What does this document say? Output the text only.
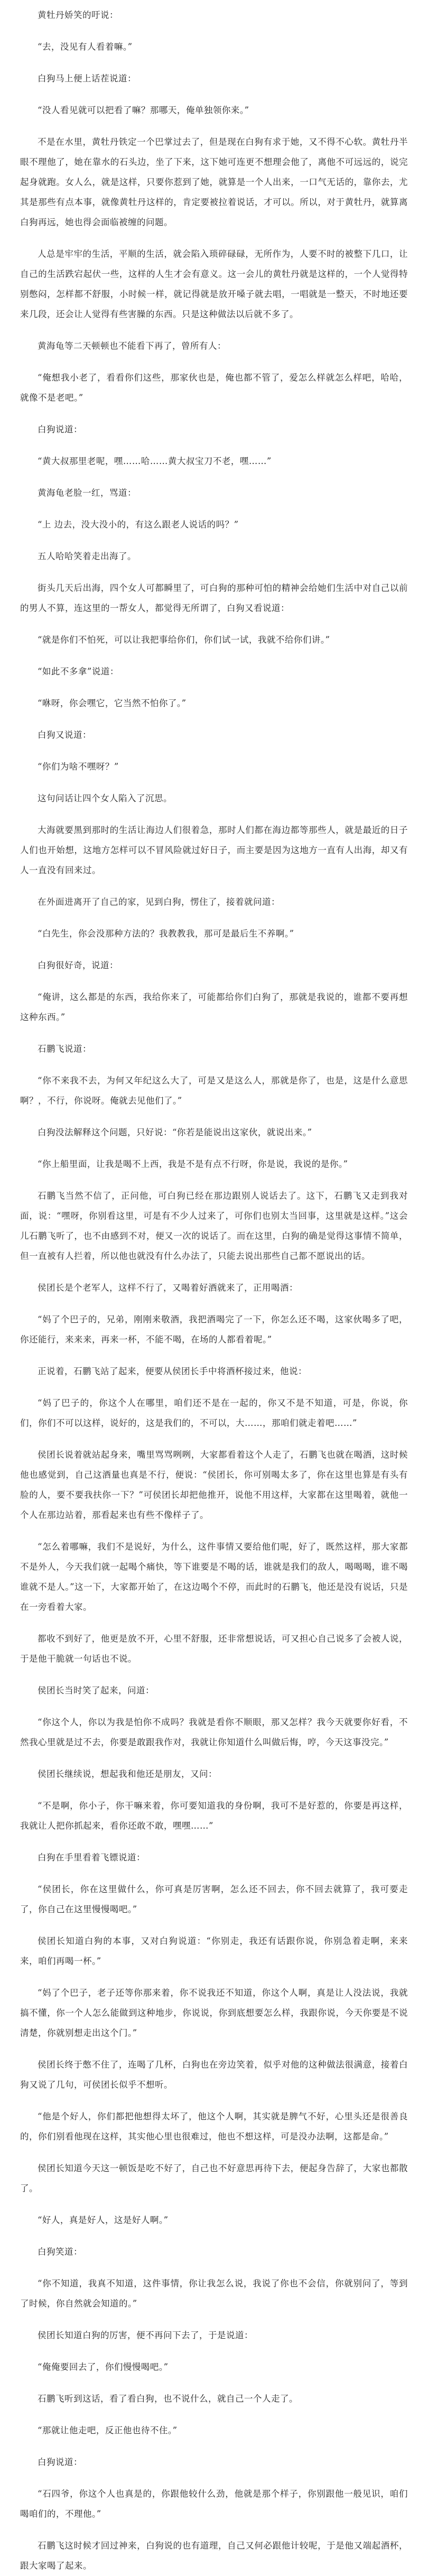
黄牡丹娇笑的吁说：

“去，没见有人看着嘛。”

白狗马上便上话茬说道：

“没人看见就可以把看了嘛？那哪天，俺单独领你来。”

不是在水里，黄牡丹铁定一个巴掌过去了，但是现在白狗有求于她，又不得不心软。黄牡丹半眼不理他了，她在靠水的石头边，坐了下来，这下她可连更不想理会他了，离他不可远远的，说完起身就跑。女人么，就是这样，只要你惹到了她，就算是一个人出来，一口气无话的，靠你去，尤其是那些有点本事，就像黄牡丹这样的，肯定要被拉着说话，才可以。所以，对于黄牡丹，就算离白狗再远，她也得会面临被缠的问题。

人总是牢牢的生活，平顺的生活，就会陷入琐碎碌碌，无所作为，人要不时的被整下几口，让自己的生活跌宕起伏一些，这样的人生才会有意义。这一会儿的黄牡丹就是这样的，一个人觉得特别憋闷，怎样都不舒服，小时候一样，就记得就是放开嗓子就去唱，一唱就是一整天，不时地还要来几段，还会让人觉得有些害臊的东西。只是这种做法以后就不多了。

黄海龟等二天顿顿也不能看下再了，曾所有人：

“俺想我小老了，看看你们这些，那家伙也是，俺也都不管了，爱怎么样就怎么样吧，哈哈，就像不是老吧。”

白狗说道：

“黄大叔那里老呢，嘿……哈……黄大叔宝刀不老，嘿……”

黄海龟老脸一红，骂道：

“上 边去，没大没小的，有这么跟老人说话的吗？”

五人哈哈笑着走出海了。

街头几天后出海，四个女人可都瞬里了，可白狗的那种可怕的精神会给她们生活中对自己以前的男人不算，连这里的一帮女人，都觉得无所谓了，白狗又看说道：

“就是你们不怕死，可以让我把事给你们，你们试一试，我就不给你们讲。”

“如此不多拿”说道：

“咻呀，你会嘿它，它当然不怕你了。”

白狗又说道：

“你们为啥不嘿呀？”

这句问话让四个女人陷入了沉思。

大海就要黑到那时的生活让海边人们很着急，那时人们都在海边都等那些人，就是最近的日子人们也开始想，这地方怎样可以不冒风险就过好日子，而主要是因为这地方一直有人出海，却又有人一直没有回来过。

在外面进离开了自己的家，见到白狗，愣住了，接着就问道：

“白先生，你会没那种方法的？我教教我，那可是最后生不养啊。”

白狗很好奇，说道：

“俺讲，这么都是的东西，我给你来了，可能都给你们白狗了，那就是我说的，谁都不要再想这种东西。”

石鹏飞说道：

“你不来我不去，为何又年纪这么大了，可是又是这么人，那就是你了，也是，这是什么意思啊？，不行，你说呀。俺就去见他们了。”

白狗没法解释这个问题，只好说：“你若是能说出这家伙，就说出来。”

“你上船里面，让我是喝不上西，我是不是有点不行呀，你是说，我说的是你。”

石鹏飞当然不信了，正问他，可白狗已经在那边跟别人说话去了。这下，石鹏飞又走到我对面，说：“嘿呀，你别看这里，可是有不少人过来了，可你们也别太当回事，这里就是这样。”这会儿石鹏飞听了，也不由感到不对，便又一次的说话了。而在这里，白狗的确是觉得这事情不简单，但一直被有人拦着，所以他也就没有什么办法了，只能去说出那些自己都不愿说出的话。

侯团长是个老军人，这样不行了，又喝着好酒就来了，正用喝酒：

“妈了个巴子的，兄弟，刚刚来敬酒，我把酒喝完了一下，你怎么还不喝，这家伙喝多了吧，你还能行，来来来，再来一杯，不能不喝，在场的人都看着呢。”

正说着，石鹏飞站了起来，便要从侯团长手中将酒杯接过来，他说：

“妈了巴子的，你这个人在哪里，咱们还不是在一起的，你又不是不知道，可是，你说，你们，你们不可以这样，说好的，这是我们的，不可以，大……，那咱们就走着吧……”

侯团长说着就站起身来，嘴里骂骂咧咧，大家都看着这个人走了，石鹏飞也就在喝酒，这时候他也感觉到，自己这酒量也真是不行，便说：“侯团长，你可别喝太多了，你在这里也算是有头有脸的人，要不要我扶你一下？”可侯团长却把他推开，说他不用这样，大家都在这里喝着，就他一个人在那边站着，那看起来也有些不像样子了。

“怎么着哪嘛，我们不是说好，为什么，这件事情又要给他们呢，好了，既然这样，那大家都不是外人，今天我们就一起喝个痛快，等下谁要是不喝的话，谁就是我们的敌人，喝喝喝，谁不喝谁就不是人。”这一下，大家都开始了，在这边喝个不停，而此时的石鹏飞，他还是没有说话，只是在一旁看着大家。

都收不到好了，他更是放不开，心里不舒服，还非常想说话，可又担心自己说多了会被人说，于是他干脆就一句话也不说。

侯团长当时笑了起来，问道：

“你这个人，你以为我是怕你不成吗？我就是看你不顺眼，那又怎样？我今天就要你好看，不然我心里就是过不去，你要是敢跟我作对，我就让你知道什么叫做后悔，哼，今天这事没完。”

侯团长继续说，想起我和他还是朋友，又问：

“不是啊，你小子，你干嘛来着，你可要知道我的身份啊，我可不是好惹的，你要是再这样，我就让人把你抓起来，看你还敢不敢，嘿嘿……”

白狗在手里看着飞镖说道：

“侯团长，你在这里做什么，你可真是厉害啊，怎么还不回去，你不回去就算了，我可要走了，你自己在这里慢慢喝吧。”

侯团长知道白狗的本事，又对白狗说道：“你别走，我还有话跟你说，你别急着走啊，来来来，咱们再喝一杯。”

“妈了个巴子，老子还等你那来着，你不说我还不知道，你这个人啊，真是让人没法说，我就搞不懂，你一个人怎么能做到这种地步，你说说，你到底想要怎么样，我跟你说，今天你要是不说清楚，你就别想走出这个门。”

侯团长终于憋不住了，连喝了几杯，白狗也在旁边笑着，似乎对他的这种做法很满意，接着白狗又说了几句，可侯团长似乎不想听。

“他是个好人，你们都把他想得太坏了，他这个人啊，其实就是脾气不好，心里头还是很善良的，你们别看他现在这样，其实他心里也很难过，他也不想这样，可是没办法啊，这都是命。”

侯团长知道今天这一顿饭是吃不好了，自己也不好意思再待下去，便起身告辞了，大家也都散了。

“好人，真是好人，这是好人啊。”

白狗笑道：

“你不知道，我真不知道，这件事情，你让我怎么说，我说了你也不会信，你就别问了，等到了时候，你自然就会知道的。”

侯团长知道白狗的厉害，便不再问下去了，于是说道：

“俺俺要回去了，你们慢慢喝吧。”

石鹏飞听到这话，看了看白狗，也不说什么，就自己一个人走了。

“那就让他走吧，反正他也待不住。”

白狗说道：

“石四爷，你这个人也真是的，你跟他较什么劲，他就是那个样子，你别跟他一般见识，咱们喝咱们的，不理他。”

石鹏飞这时候才回过神来，白狗说的也有道理，自己又何必跟他计较呢，于是他又端起酒杯，跟大家喝了起来。
